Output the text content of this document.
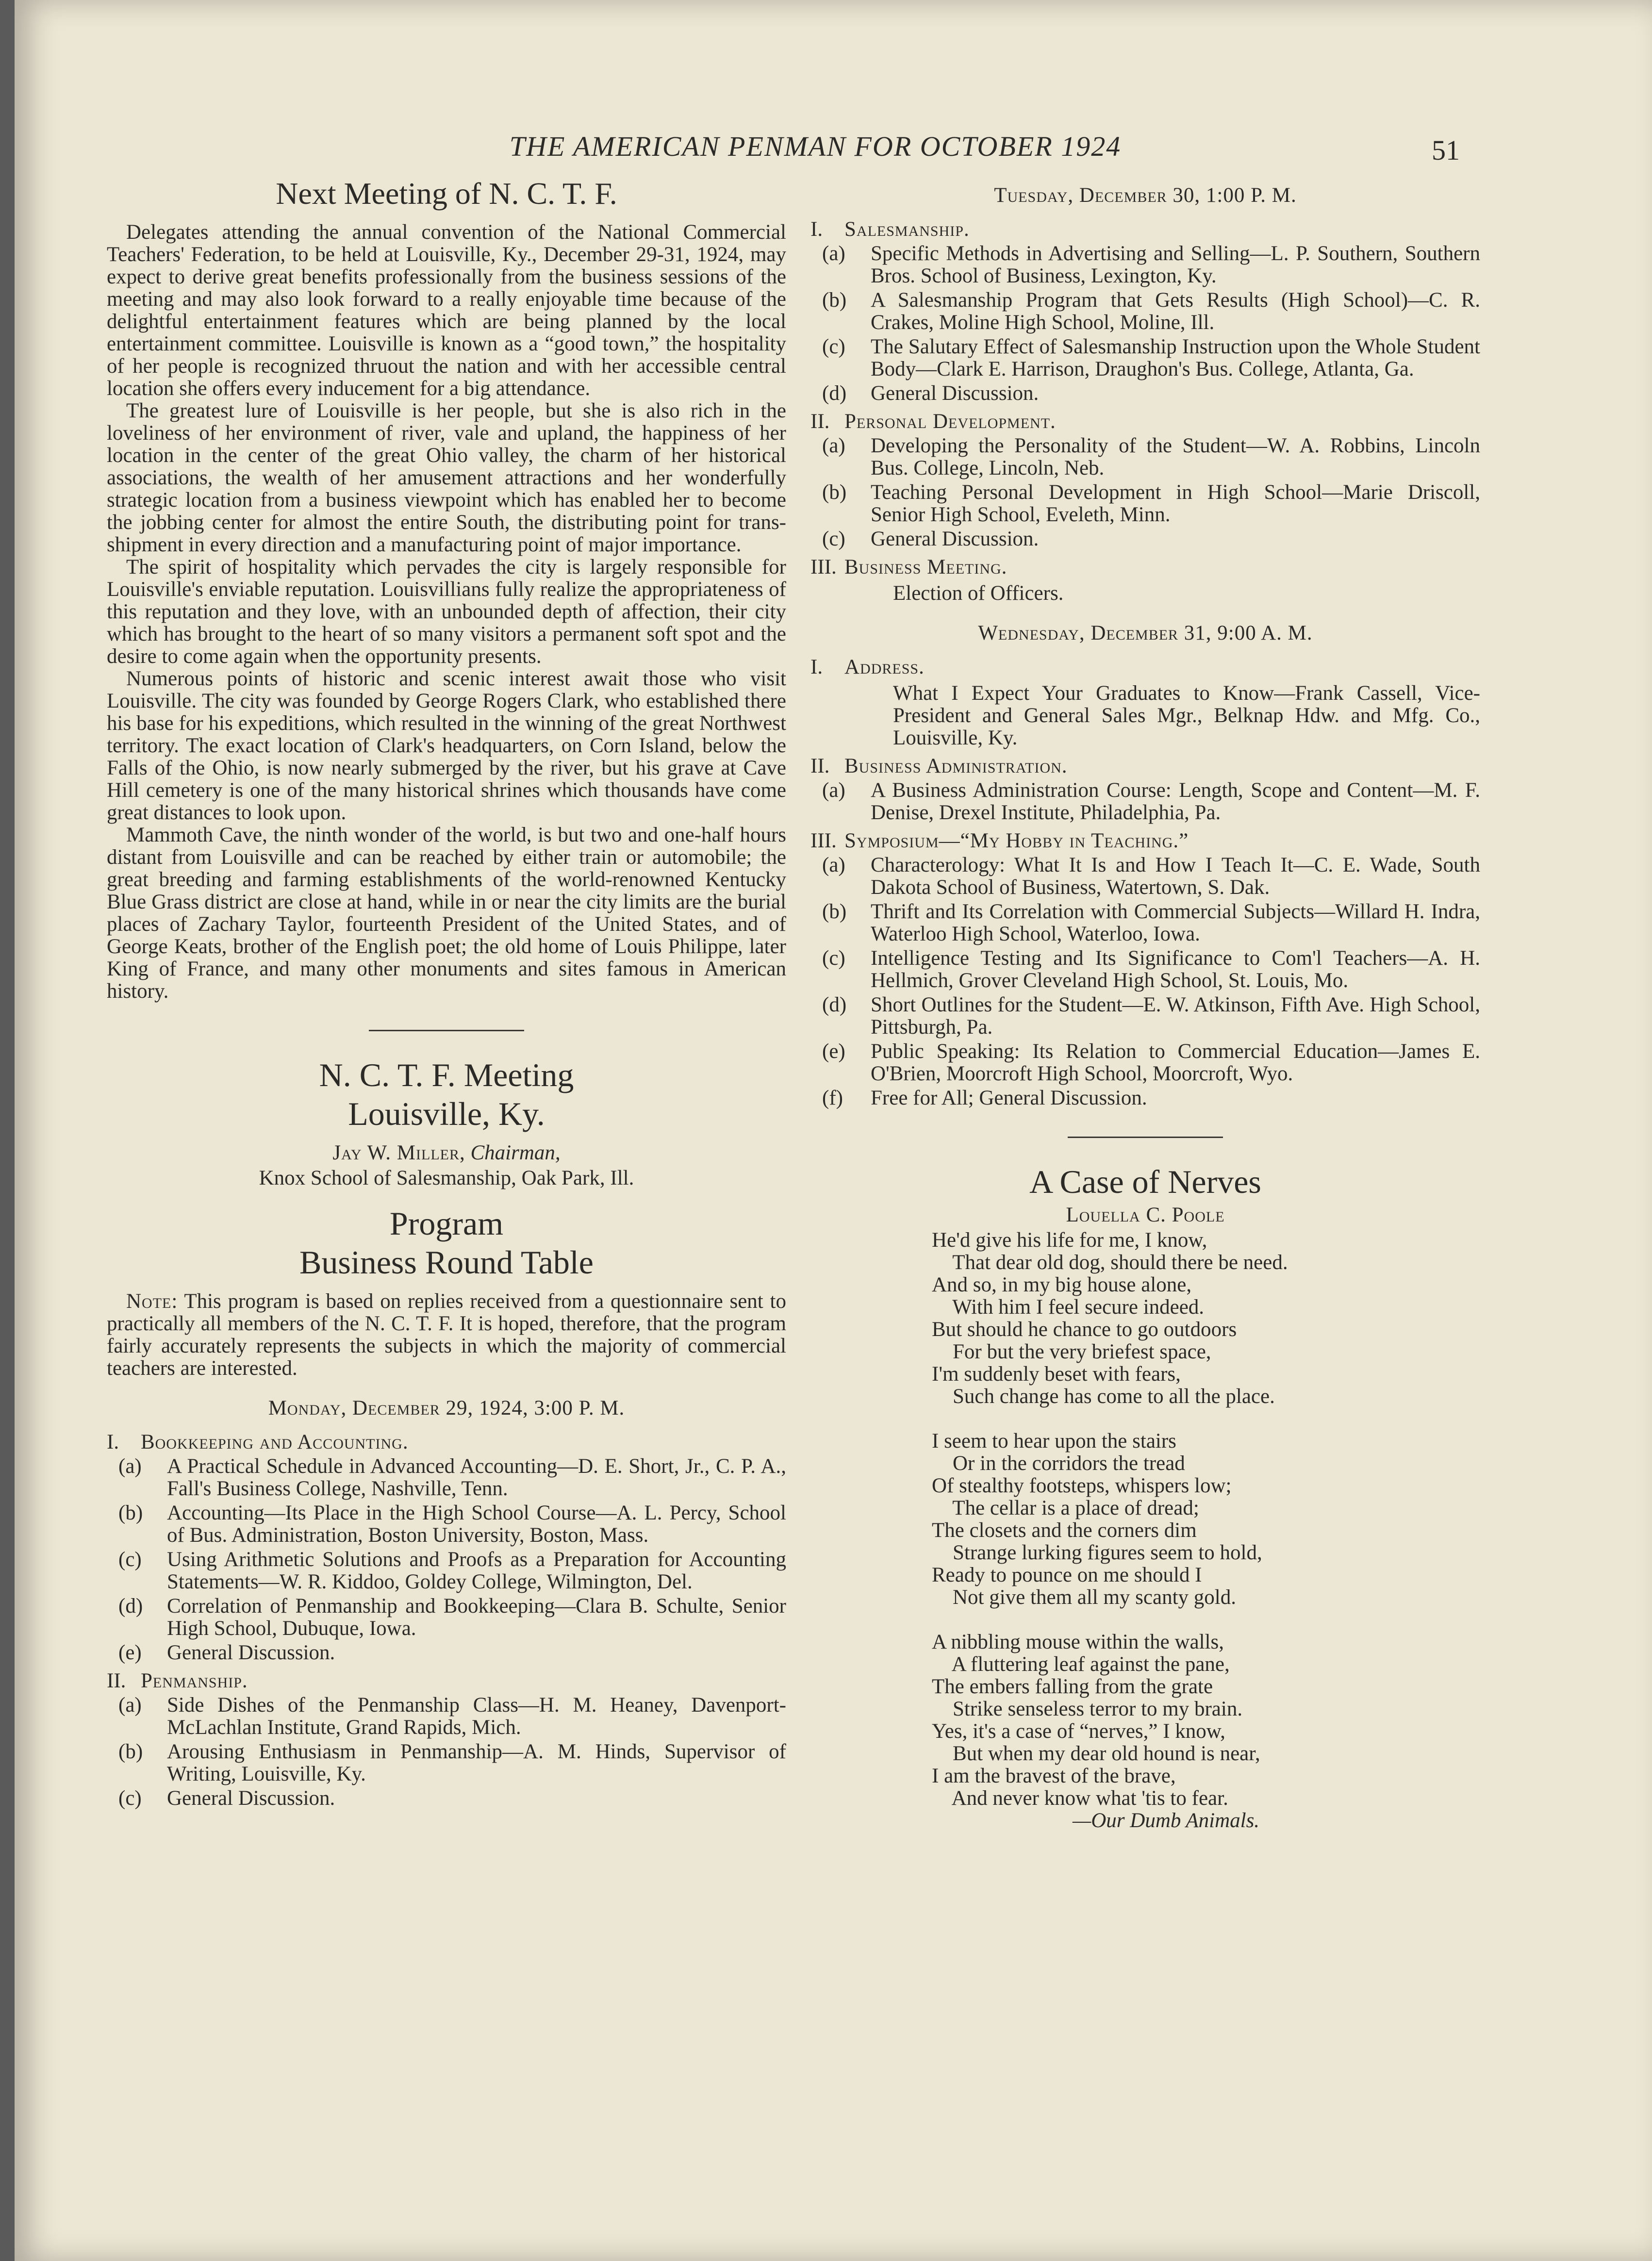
THE AMERICAN PENMAN FOR OCTOBER 1924	51
Next Meeting of N. C. T. F.

Delegates attending the annual convention of the National Commercial Teachers' Federation, to be held at Louisville, Ky., December 29-31, 1924, may expect to derive great benefits professionally from the business sessions of the meeting and may also look forward to a really enjoyable time because of the delightful entertainment features which are being planned by the local entertainment committee. Louisville is known as a “good town,” the hospitality of her people is recognized thruout the nation and with her accessible central location she offers every inducement for a big attendance.

The greatest lure of Louisville is her people, but she is also rich in the loveliness of her environment of river, vale and upland, the happiness of her location in the center of the great Ohio valley, the charm of her historical associations, the wealth of her amusement attractions and her wonderfully strategic location from a business viewpoint which has enabled her to become the jobbing center for almost the entire South, the distributing point for trans-shipment in every direction and a manufacturing point of major importance.

The spirit of hospitality which pervades the city is largely responsible for Louisville's enviable reputation. Louisvillians fully realize the appropriateness of this reputation and they love, with an unbounded depth of affection, their city which has brought to the heart of so many visitors a permanent soft spot and the desire to come again when the opportunity presents.

Numerous points of historic and scenic interest await those who visit Louisville. The city was founded by George Rogers Clark, who established there his base for his expeditions, which resulted in the winning of the great Northwest territory. The exact location of Clark's headquarters, on Corn Island, below the Falls of the Ohio, is now nearly submerged by the river, but his grave at Cave Hill cemetery is one of the many historical shrines which thousands have come great distances to look upon.

Mammoth Cave, the ninth wonder of the world, is but two and one-half hours distant from Louisville and can be reached by either train or automobile; the great breeding and farming establishments of the world-renowned Kentucky Blue Grass district are close at hand, while in or near the city limits are the burial places of Zachary Taylor, fourteenth President of the United States, and of George Keats, brother of the English poet; the old home of Louis Philippe, later King of France, and many other monuments and sites famous in American history.

N. C. T. F. Meeting
Louisville, Ky.
Jay W. Miller, Chairman,
Knox School of Salesmanship, Oak Park, Ill.
Program
Business Round Table

Note: This program is based on replies received from a questionnaire sent to practically all members of the N. C. T. F. It is hoped, therefore, that the program fairly accurately represents the subjects in which the majority of commercial teachers are interested.

Monday, December 29, 1924, 3:00 P. M.
I. Bookkeeping and Accounting.
(a)	A Practical Schedule in Advanced Accounting—D. E. Short, Jr., C. P. A., Fall's Business College, Nashville, Tenn.
(b)	Accounting—Its Place in the High School Course—A. L. Percy, School of Bus. Administration, Boston University, Boston, Mass.
(c)	Using Arithmetic Solutions and Proofs as a Preparation for Accounting Statements—W. R. Kiddoo, Goldey College, Wilmington, Del.
(d)	Correlation of Penmanship and Bookkeeping—Clara B. Schulte, Senior High School, Dubuque, Iowa.
(e)	General Discussion.
II. Penmanship.
(a)	Side Dishes of the Penmanship Class—H. M. Heaney, Davenport-McLachlan Institute, Grand Rapids, Mich.
(b)	Arousing Enthusiasm in Penmanship—A. M. Hinds, Supervisor of Writing, Louisville, Ky.
(c)	General Discussion.
Tuesday, December 30, 1:00 P. M.
I. Salesmanship.
(a)	Specific Methods in Advertising and Selling—L. P. Southern, Southern Bros. School of Business, Lexington, Ky.
(b)	A Salesmanship Program that Gets Results (High School)—C. R. Crakes, Moline High School, Moline, Ill.
(c)	The Salutary Effect of Salesmanship Instruction upon the Whole Student Body—Clark E. Harrison, Draughon's Bus. College, Atlanta, Ga.
(d)	General Discussion.
II. Personal Development.
(a)	Developing the Personality of the Student—W. A. Robbins, Lincoln Bus. College, Lincoln, Neb.
(b)	Teaching Personal Development in High School—Marie Driscoll, Senior High School, Eveleth, Minn.
(c)	General Discussion.
III. Business Meeting.
Election of Officers.
Wednesday, December 31, 9:00 A. M.
I. Address.
What I Expect Your Graduates to Know—Frank Cassell, Vice-President and General Sales Mgr., Belknap Hdw. and Mfg. Co., Louisville, Ky.
II. Business Administration.
(a)	A Business Administration Course: Length, Scope and Content—M. F. Denise, Drexel Institute, Philadelphia, Pa.
III. Symposium—“My Hobby in Teaching.”
(a)	Characterology: What It Is and How I Teach It—C. E. Wade, South Dakota School of Business, Watertown, S. Dak.
(b)	Thrift and Its Correlation with Commercial Subjects—Willard H. Indra, Waterloo High School, Waterloo, Iowa.
(c)	Intelligence Testing and Its Significance to Com'l Teachers—A. H. Hellmich, Grover Cleveland High School, St. Louis, Mo.
(d)	Short Outlines for the Student—E. W. Atkinson, Fifth Ave. High School, Pittsburgh, Pa.
(e)	Public Speaking: Its Relation to Commercial Education—James E. O'Brien, Moorcroft High School, Moorcroft, Wyo.
(f)	Free for All; General Discussion.
A Case of Nerves
Louella C. Poole
He'd give his life for me, I know,
That dear old dog, should there be need.
And so, in my big house alone,
With him I feel secure indeed.
But should he chance to go outdoors
For but the very briefest space,
I'm suddenly beset with fears,
Such change has come to all the place.
I seem to hear upon the stairs
Or in the corridors the tread
Of stealthy footsteps, whispers low;
The cellar is a place of dread;
The closets and the corners dim
Strange lurking figures seem to hold,
Ready to pounce on me should I
Not give them all my scanty gold.
A nibbling mouse within the walls,
A fluttering leaf against the pane,
The embers falling from the grate
Strike senseless terror to my brain.
Yes, it's a case of “nerves,” I know,
But when my dear old hound is near,
I am the bravest of the brave,
And never know what 'tis to fear.
—Our Dumb Animals.
